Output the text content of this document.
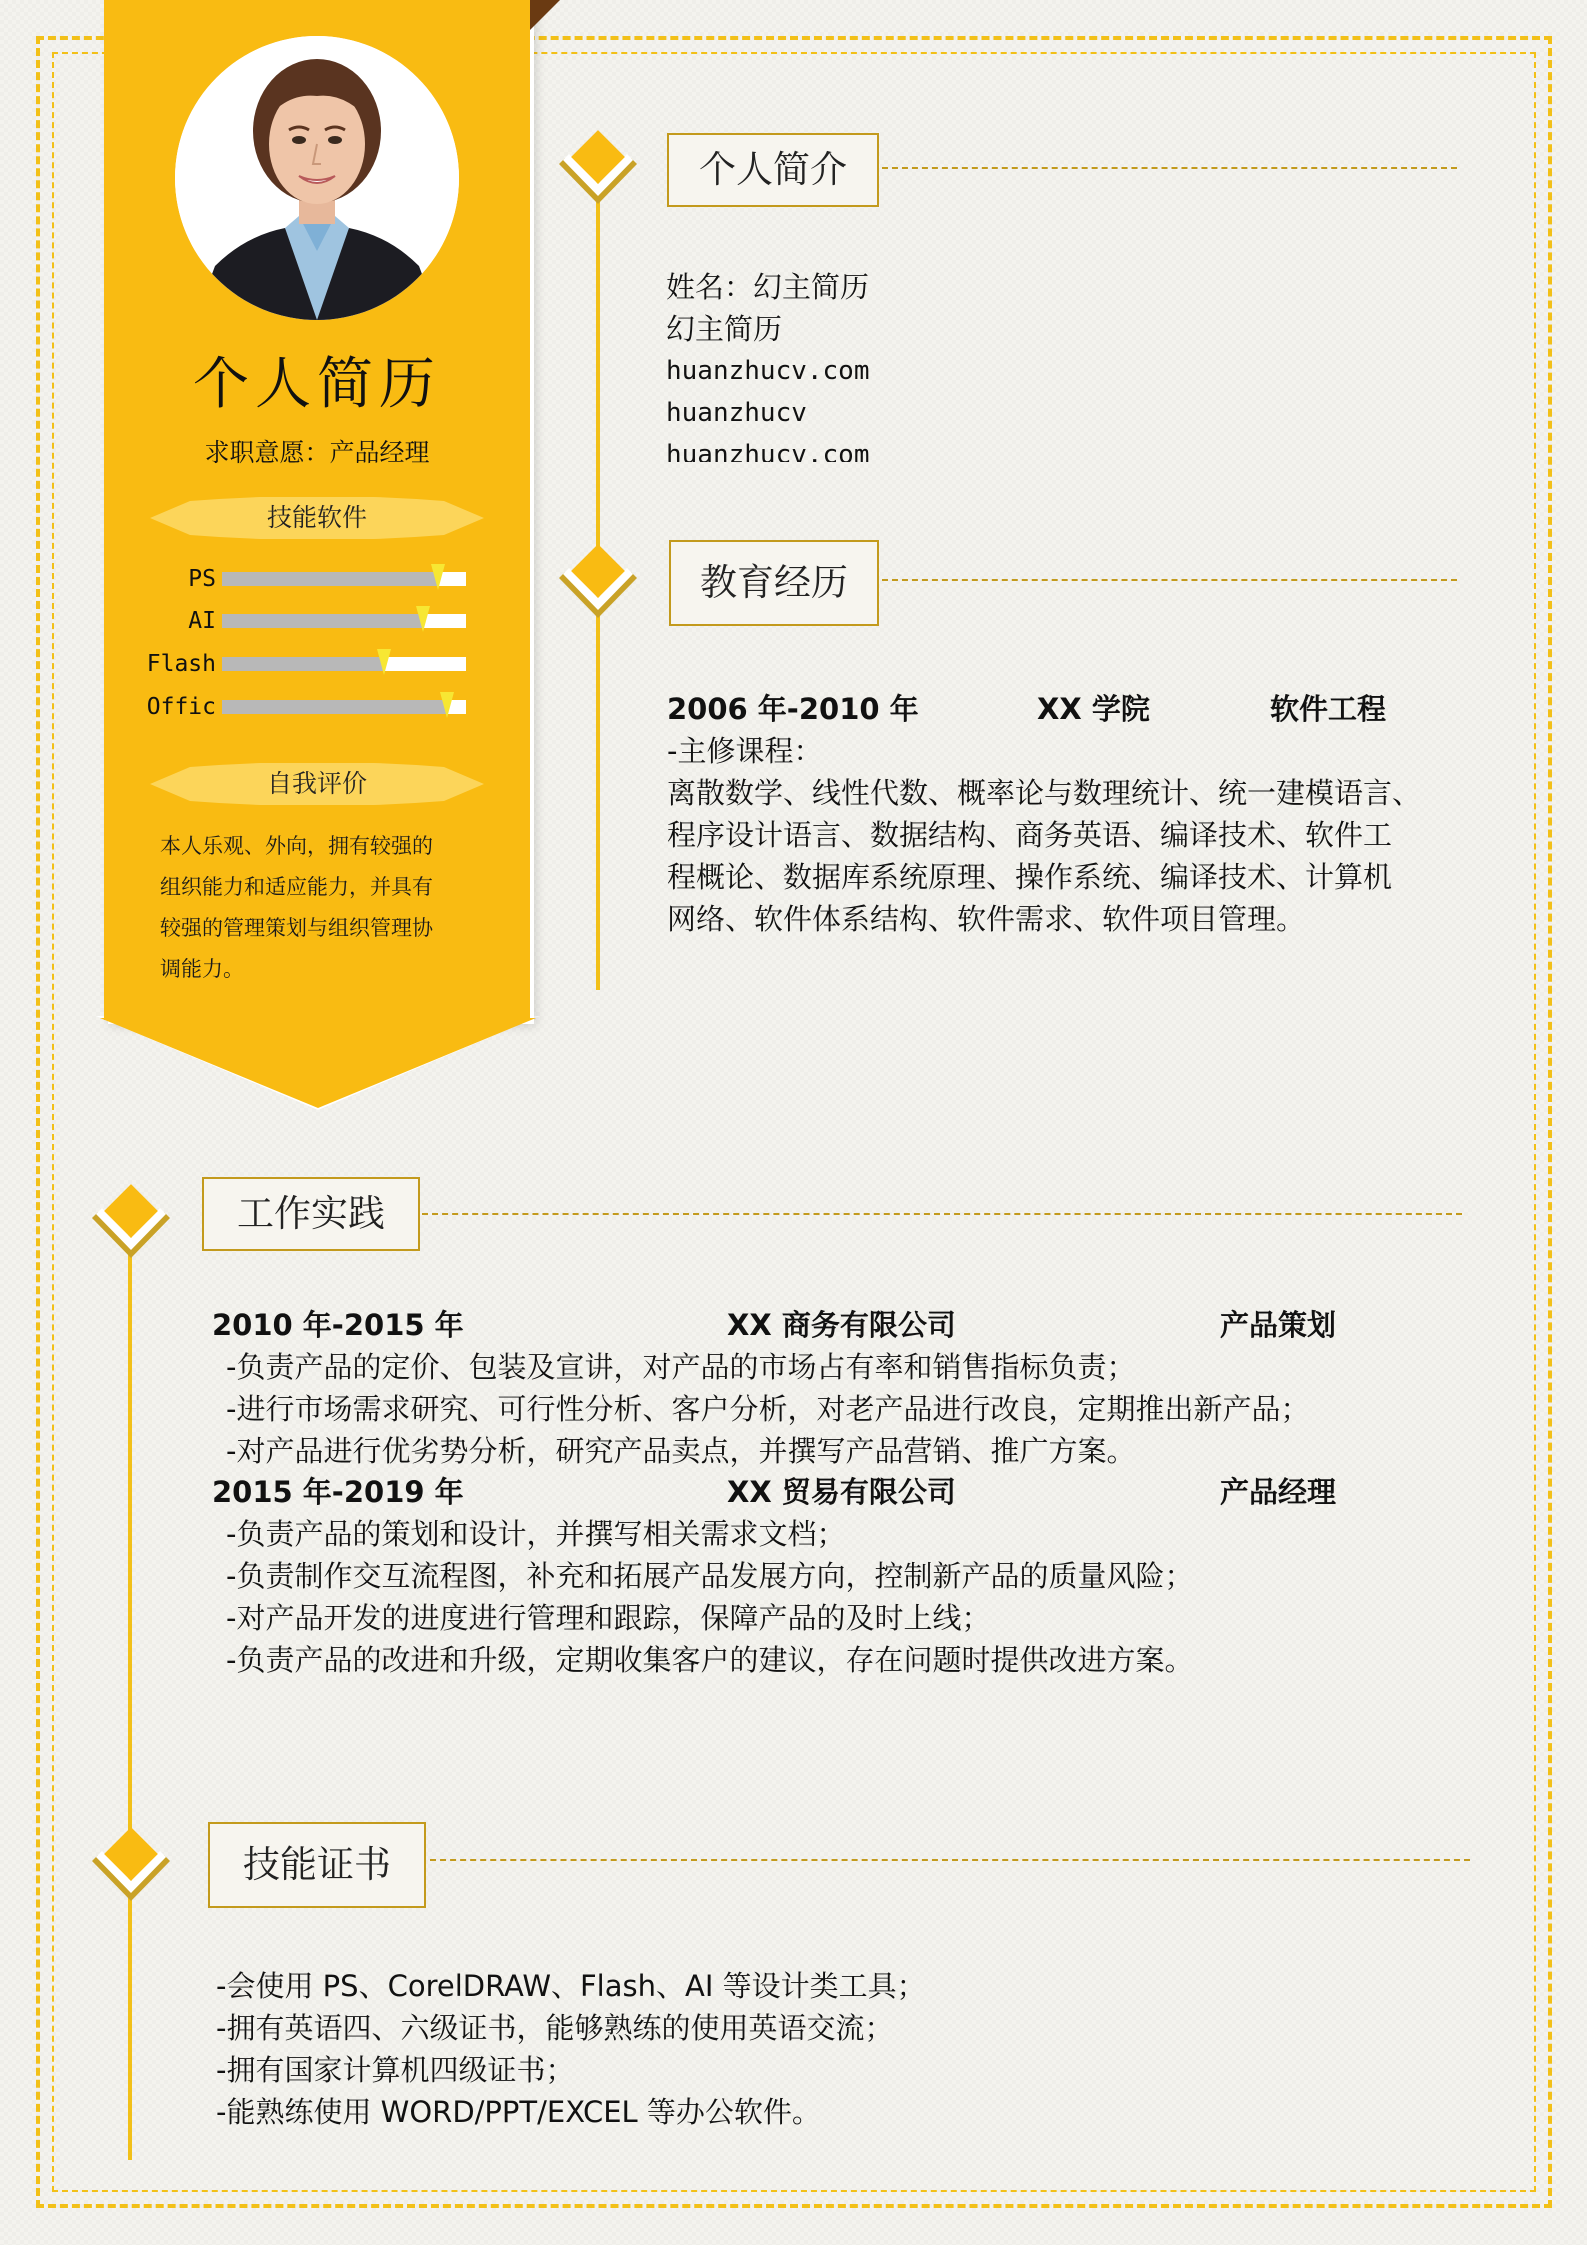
个人简历
求职意愿：产品经理
技能软件
PS
AI
Flash
Offic
自我评价
本人乐观、外向，拥有较强的
组织能力和适应能力，并具有
较强的管理策划与组织管理协
调能力。
个人简介
姓名：幻主简历
幻主简历
huanzhucv.com
huanzhucv
huanzhucv.com
教育经历
2006 年-2010 年	XX 学院	软件工程
-主修课程：
离散数学、线性代数、概率论与数理统计、统一建模语言、
程序设计语言、数据结构、商务英语、编译技术、软件工
程概论、数据库系统原理、操作系统、编译技术、计算机
网络、软件体系结构、软件需求、软件项目管理。
工作实践
2010 年-2015 年	XX 商务有限公司	产品策划
-负责产品的定价、包装及宣讲，对产品的市场占有率和销售指标负责；
-进行市场需求研究、可行性分析、客户分析，对老产品进行改良，定期推出新产品；
-对产品进行优劣势分析，研究产品卖点，并撰写产品营销、推广方案。
2015 年-2019 年	XX 贸易有限公司	产品经理
-负责产品的策划和设计，并撰写相关需求文档；
-负责制作交互流程图，补充和拓展产品发展方向，控制新产品的质量风险；
-对产品开发的进度进行管理和跟踪，保障产品的及时上线；
-负责产品的改进和升级，定期收集客户的建议，存在问题时提供改进方案。
技能证书
-会使用 PS、CorelDRAW、Flash、AI 等设计类工具；
-拥有英语四、六级证书，能够熟练的使用英语交流；
-拥有国家计算机四级证书；
-能熟练使用 WORD/PPT/EXCEL 等办公软件。
